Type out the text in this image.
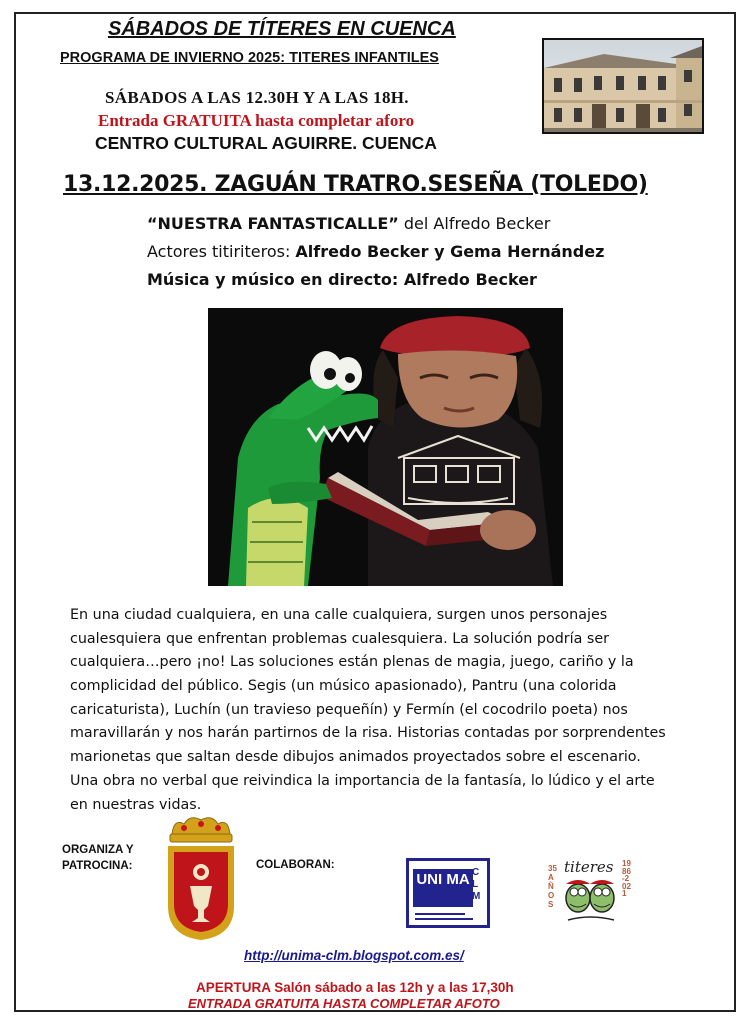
SÁBADOS DE TÍTERES EN CUENCA
PROGRAMA DE INVIERNO 2025: TITERES INFANTILES
SÁBADOS A LAS 12.30H Y A LAS 18H.
Entrada GRATUITA hasta completar aforo
CENTRO CULTURAL AGUIRRE. CUENCA
13.12.2025. ZAGUÁN TRATRO.SESEÑA (TOLEDO)
“NUESTRA FANTASTICALLE” del Alfredo Becker
Actores titiriteros: Alfredo Becker y Gema Hernández
Música y músico en directo: Alfredo Becker
En una ciudad cualquiera, en una calle cualquiera, surgen unos personajes
cualesquiera que enfrentan problemas cualesquiera. La solución podría ser
cualquiera…pero ¡no! Las soluciones están plenas de magia, juego, cariño y la
complicidad del público. Segis (un músico apasionado), Pantru (una colorida
caricaturista), Luchín (un travieso pequeñín) y Fermín (el cocodrilo poeta) nos
maravillarán y nos harán partirnos de la risa. Historias contadas por sorprendentes
marionetas que saltan desde dibujos animados proyectados sobre el escenario.
Una obra no verbal que reivindica la importancia de la fantasía, lo lúdico y el arte
en nuestras vidas.
ORGANIZA Y
PATROCINA:	COLABORAN:
UNI MA CLM
35 AÑOS
1986-2021
titeres
http://unima-clm.blogspot.com.es/
APERTURA Salón sábado a las 12h y a las 17,30h
ENTRADA GRATUITA HASTA COMPLETAR AFOTO
